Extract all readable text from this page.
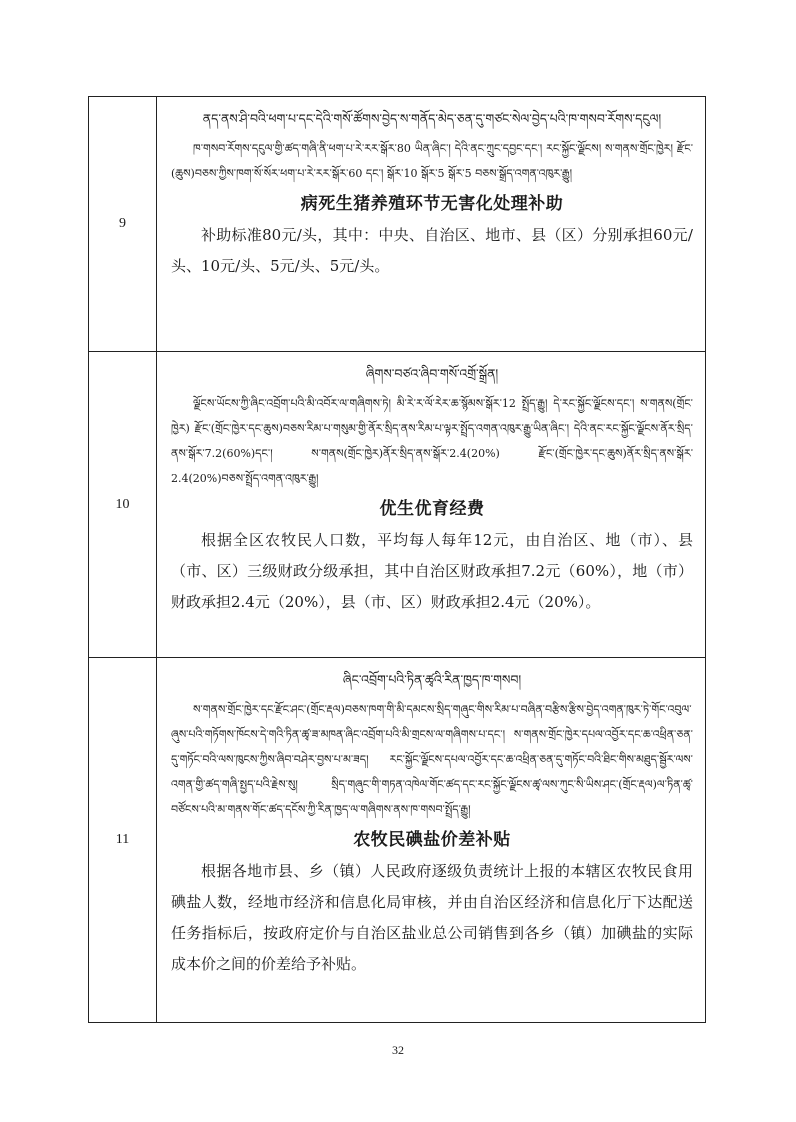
9
ནད་ནས་ཤི་བའི་ཕག་པ་དང་དེའི་གསོ་ཚོགས་བྱེད་ས་གནོད་མེད་ཅན་དུ་གཙང་སེལ་བྱེད་པའི་ཁ་གསབ་རོགས་དངུལ།
ཁ་གསབ་རོགས་དངུལ་གྱི་ཚད་གཞི་ནི་ཕག་པ་རེ་རར་སྒོར་80 ཡིན་ཞིང་། དེའི་ནང་ཀྲུང་དབྱང་དང་། རང་སྐྱོང་ལྗོངས། ས་གནས་གྲོང་ཁྱེར། རྫོང་(ཆུས)བཅས་ཀྱིས་ཁག་སོ་སོར་ཕག་པ་རེ་རར་སྒོར་60 དང་། སྒོར་10 སྒོར་5 སྒོར་5 བཅས་སྒྲོད་འགན་འཁུར་རྒྱུ།
病死生猪养殖环节无害化处理补助
补助标准80元/头，其中：中央、自治区、地市、县（区）分别承担60元/头、10元/头、5元/头、5元/头。
10
ཞིགས་བཙའ་ཞིབ་གསོ་འགྲོ་སྒྲོན།
ལྗོངས་ཡོངས་ཀྱི་ཞིང་འབྲོག་པའི་མི་འབོར་ལ་གཞིགས་ཏེ། མི་རེ་ར་ལོ་རེར་ཆ་སྙོམས་སྒོར་12 སྤྲོད་རྒྱུ། དེ་རང་སྐྱོང་ལྗོངས་དང་། ས་གནས(གྲོང་ཁྱེར) རྫོང་(གྲོང་ཁྱེར་དང་ཆུས)བཅས་རིམ་པ་གསུམ་གྱི་ནོར་སྲིད་ནས་རིམ་པ་ལྟར་སྤྲོད་འགན་འཁུར་རྒྱུ་ཡིན་ཞིང་། དེའི་ནང་རང་སྐྱོང་ལྗོངས་ནོར་སྲིད་ནས་སྒོར་7.2(60%)དང་། ས་གནས(གྲོང་ཁྱེར)ནོར་སྲིད་ནས་སྒོར་2.4(20%) རྫོང་(གྲོང་ཁྱེར་དང་ཆུས)ནོར་སྲིད་ནས་སྒོར་2.4(20%)བཅས་སྤྲོད་འགན་འཁུར་རྒྱུ།
优生优育经费
根据全区农牧民人口数，平均每人每年12元，由自治区、地（市）、县（市、区）三级财政分级承担，其中自治区财政承担7.2元（60%），地（市）财政承担2.4元（20%），县（市、区）财政承担2.4元（20%）。
11
ཞིང་འབྲོག་པའི་ཏིན་ཚྭའི་རིན་ཁྱད་ཁ་གསབ།
ས་གནས་གྲོང་ཁྱེར་དང་རྫོང་ཤང་(གྲོང་རྡལ)བཅས་ཁག་གི་མི་དམངས་སྲིད་གཞུང་གིས་རིམ་པ་བཞིན་བརྩིས་རྩིས་བྱེད་འགན་ཁུར་ཏེ་གོང་འབུལ་ཞུས་པའི་གཏོགས་ཁོངས་དེ་གའི་ཏིན་ཚྭ་ཟ་མཁན་ཞིང་འབྲོག་པའི་མི་གྲངས་ལ་གཞིགས་པ་དང་། ས་གནས་གྲོང་ཁྱེར་དཔལ་འབྱོར་དང་ཆ་འཕྲིན་ཅན་དུ་གཏོང་བའི་ལས་ཁུངས་ཀྱིས་ཞིབ་བཤེར་བྱས་པ་མ་ཟད། རང་སྐྱོང་ལྗོངས་དཔལ་འབྱོར་དང་ཆ་འཕྲིན་ཅན་དུ་གཏོང་བའི་ཐིང་གིས་མཐུད་སྦྱོར་ལས་འགན་གྱི་ཚད་གཞི་སྤྱད་པའི་རྗེས་སུ། སྲིད་གཞུང་གི་གཏན་འཁེལ་གོང་ཚད་དང་རང་སྐྱོང་ལྗོངས་ཚྭ་ལས་ཀུང་སི་ཡིས་ཤང་(གྲོང་རྡལ)ལ་ཏིན་ཚྭ་བཙོངས་པའི་མ་གནས་གོང་ཚད་དངོས་ཀྱི་རིན་ཁྱད་ལ་གཞིགས་ནས་ཁ་གསབ་སྤྲོད་རྒྱུ།
农牧民碘盐价差补贴
根据各地市县、乡（镇）人民政府逐级负责统计上报的本辖区农牧民食用碘盐人数，经地市经济和信息化局审核，并由自治区经济和信息化厅下达配送任务指标后，按政府定价与自治区盐业总公司销售到各乡（镇）加碘盐的实际成本价之间的价差给予补贴。
32
